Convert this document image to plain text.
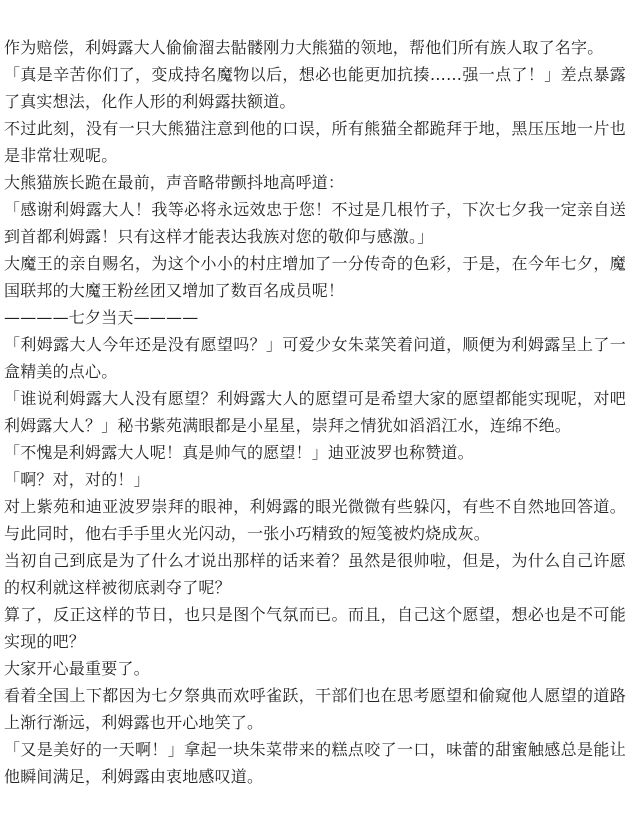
作为赔偿，利姆露大人偷偷溜去骷髅刚力大熊猫的领地，帮他们所有族人取了名字。

「真是辛苦你们了，变成持名魔物以后，想必也能更加抗揍……强一点了！」差点暴露了真实想法，化作人形的利姆露扶额道。

不过此刻，没有一只大熊猫注意到他的口误，所有熊猫全都跪拜于地，黑压压地一片也是非常壮观呢。

大熊猫族长跪在最前，声音略带颤抖地高呼道：

「感谢利姆露大人！我等必将永远效忠于您！不过是几根竹子，下次七夕我一定亲自送到首都利姆露！只有这样才能表达我族对您的敬仰与感激。」

大魔王的亲自赐名，为这个小小的村庄增加了一分传奇的色彩，于是，在今年七夕，魔国联邦的大魔王粉丝团又增加了数百名成员呢！

————七夕当天————

「利姆露大人今年还是没有愿望吗？」可爱少女朱菜笑着问道，顺便为利姆露呈上了一盒精美的点心。

「谁说利姆露大人没有愿望？利姆露大人的愿望可是希望大家的愿望都能实现呢，对吧利姆露大人？」秘书紫苑满眼都是小星星，崇拜之情犹如滔滔江水，连绵不绝。

「不愧是利姆露大人呢！真是帅气的愿望！」迪亚波罗也称赞道。

「啊？对，对的！」

对上紫苑和迪亚波罗崇拜的眼神，利姆露的眼光微微有些躲闪，有些不自然地回答道。与此同时，他右手手里火光闪动，一张小巧精致的短笺被灼烧成灰。

当初自己到底是为了什么才说出那样的话来着？虽然是很帅啦，但是，为什么自己许愿的权利就这样被彻底剥夺了呢？

算了，反正这样的节日，也只是图个气氛而已。而且，自己这个愿望，想必也是不可能实现的吧？

大家开心最重要了。

看着全国上下都因为七夕祭典而欢呼雀跃，干部们也在思考愿望和偷窥他人愿望的道路上渐行渐远，利姆露也开心地笑了。

「又是美好的一天啊！」拿起一块朱菜带来的糕点咬了一口，味蕾的甜蜜触感总是能让他瞬间满足，利姆露由衷地感叹道。
